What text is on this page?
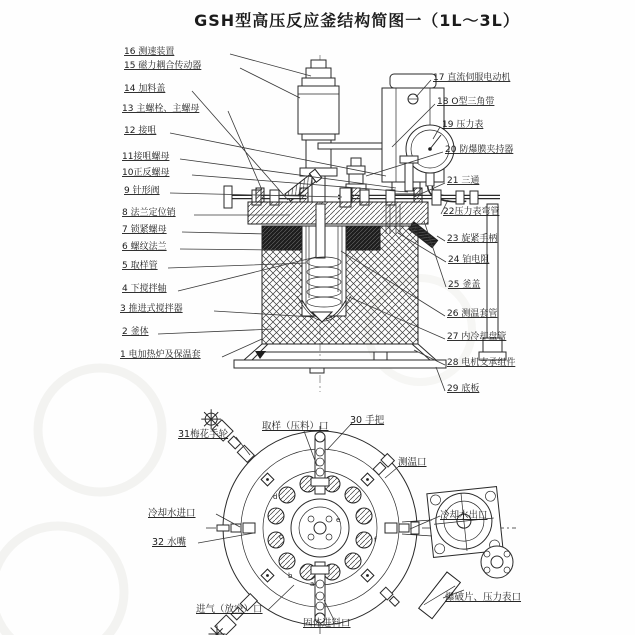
GSH型高压反应釜结构简图一（1L～3L）
a
b
c
d
e
f
16 测速装置
15 磁力耦合传动器
14 加料盖
13 主螺栓、主螺母
12 接咀
11接咀螺母
10正反螺母
9 针形阀
8 法兰定位销
7 锁紧螺母
6 螺纹法兰
5 取样管
4 下搅拌轴
3 推进式搅拌器
2 釜体
1 电加热炉及保温套
17 直流伺服电动机
18 O型三角带
19 压力表
20 防爆膜夹持器
21 三通
22压力表弯管
23 旋紧手柄
24 铂电阻
25 釜盖
26 测温套管
27 内冷却盘管
28 电机支承组件
29 底板
取样（压料）口
30 手把
31梅花手轮
测温口
冷却水出口
冷却水进口
32 水嘴
进气（放空）口
固体进料口
爆破片、压力表口
